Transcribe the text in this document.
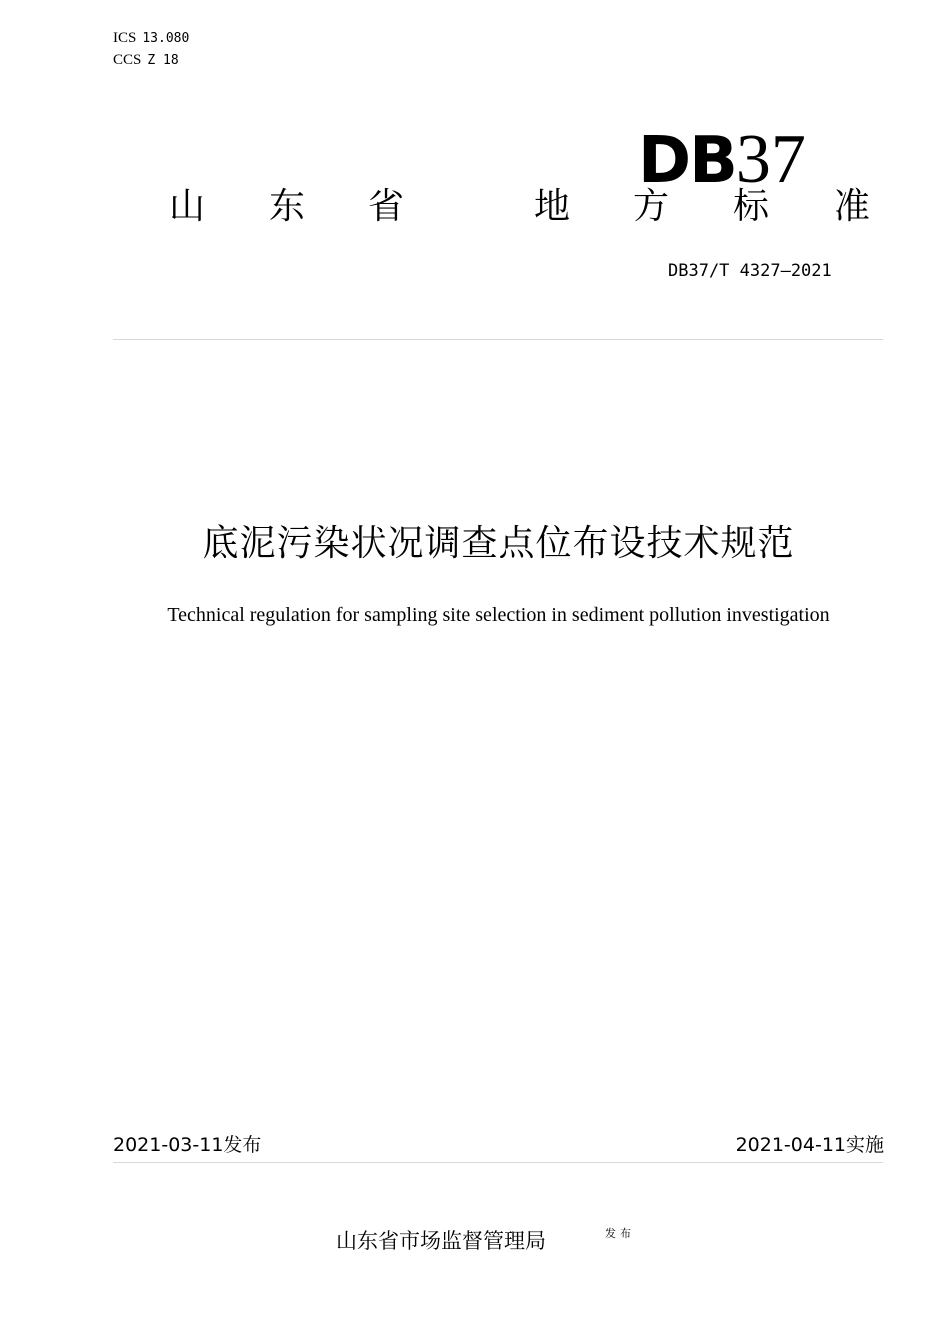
ICS 13.080
CCS Z 18
DB37
山 东 省	地 方 标 准
DB37/T 4327—2021
底泥污染状况调查点位布设技术规范
Technical regulation for sampling site selection in sediment pollution investigation
2021-03-11发布	2021-04-11实施
山东省市场监督管理局	发布
